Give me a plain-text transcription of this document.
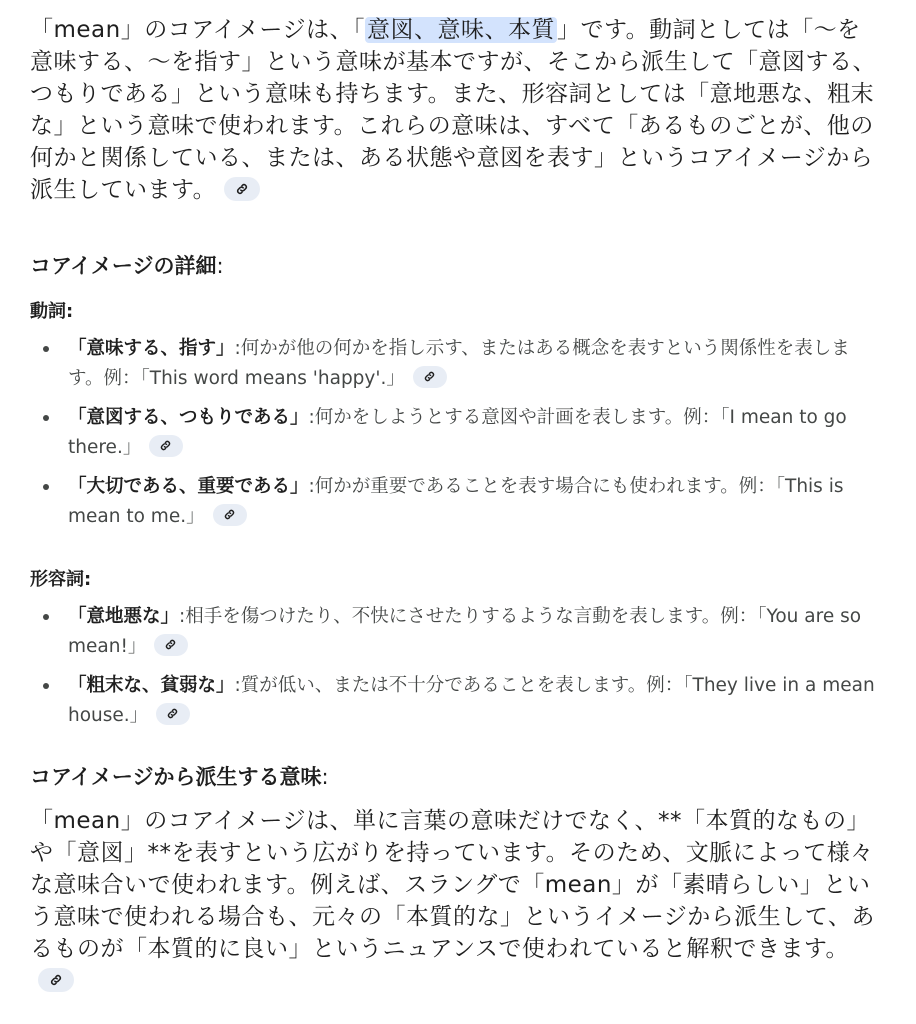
「mean」のコアイメージは、「意図、意味、本質」です。動詞としては「〜を意味する、〜を指す」という意味が基本ですが、そこから派生して「意図する、つもりである」という意味も持ちます。また、形容詞としては「意地悪な、粗末な」という意味で使われます。これらの意味は、すべて「あるものごとが、他の何かと関係している、または、ある状態や意図を表す」というコアイメージから派生しています。

コアイメージの詳細:
動詞:
「意味する、指す」:何かが他の何かを指し示す、またはある概念を表すという関係性を表します。例：「This word means 'happy'.」
「意図する、つもりである」:何かをしようとする意図や計画を表します。例：「I mean to go there.」
「大切である、重要である」:何かが重要であることを表す場合にも使われます。例：「This is mean to me.」
形容詞:
「意地悪な」:相手を傷つけたり、不快にさせたりするような言動を表します。例：「You are so mean!」
「粗末な、貧弱な」:質が低い、または不十分であることを表します。例：「They live in a mean house.」
コアイメージから派生する意味:

「mean」のコアイメージは、単に言葉の意味だけでなく、**「本質的なもの」や「意図」**を表すという広がりを持っています。そのため、文脈によって様々な意味合いで使われます。例えば、スラングで「mean」が「素晴らしい」という意味で使われる場合も、元々の「本質的な」というイメージから派生して、あるものが「本質的に良い」というニュアンスで使われていると解釈できます。
